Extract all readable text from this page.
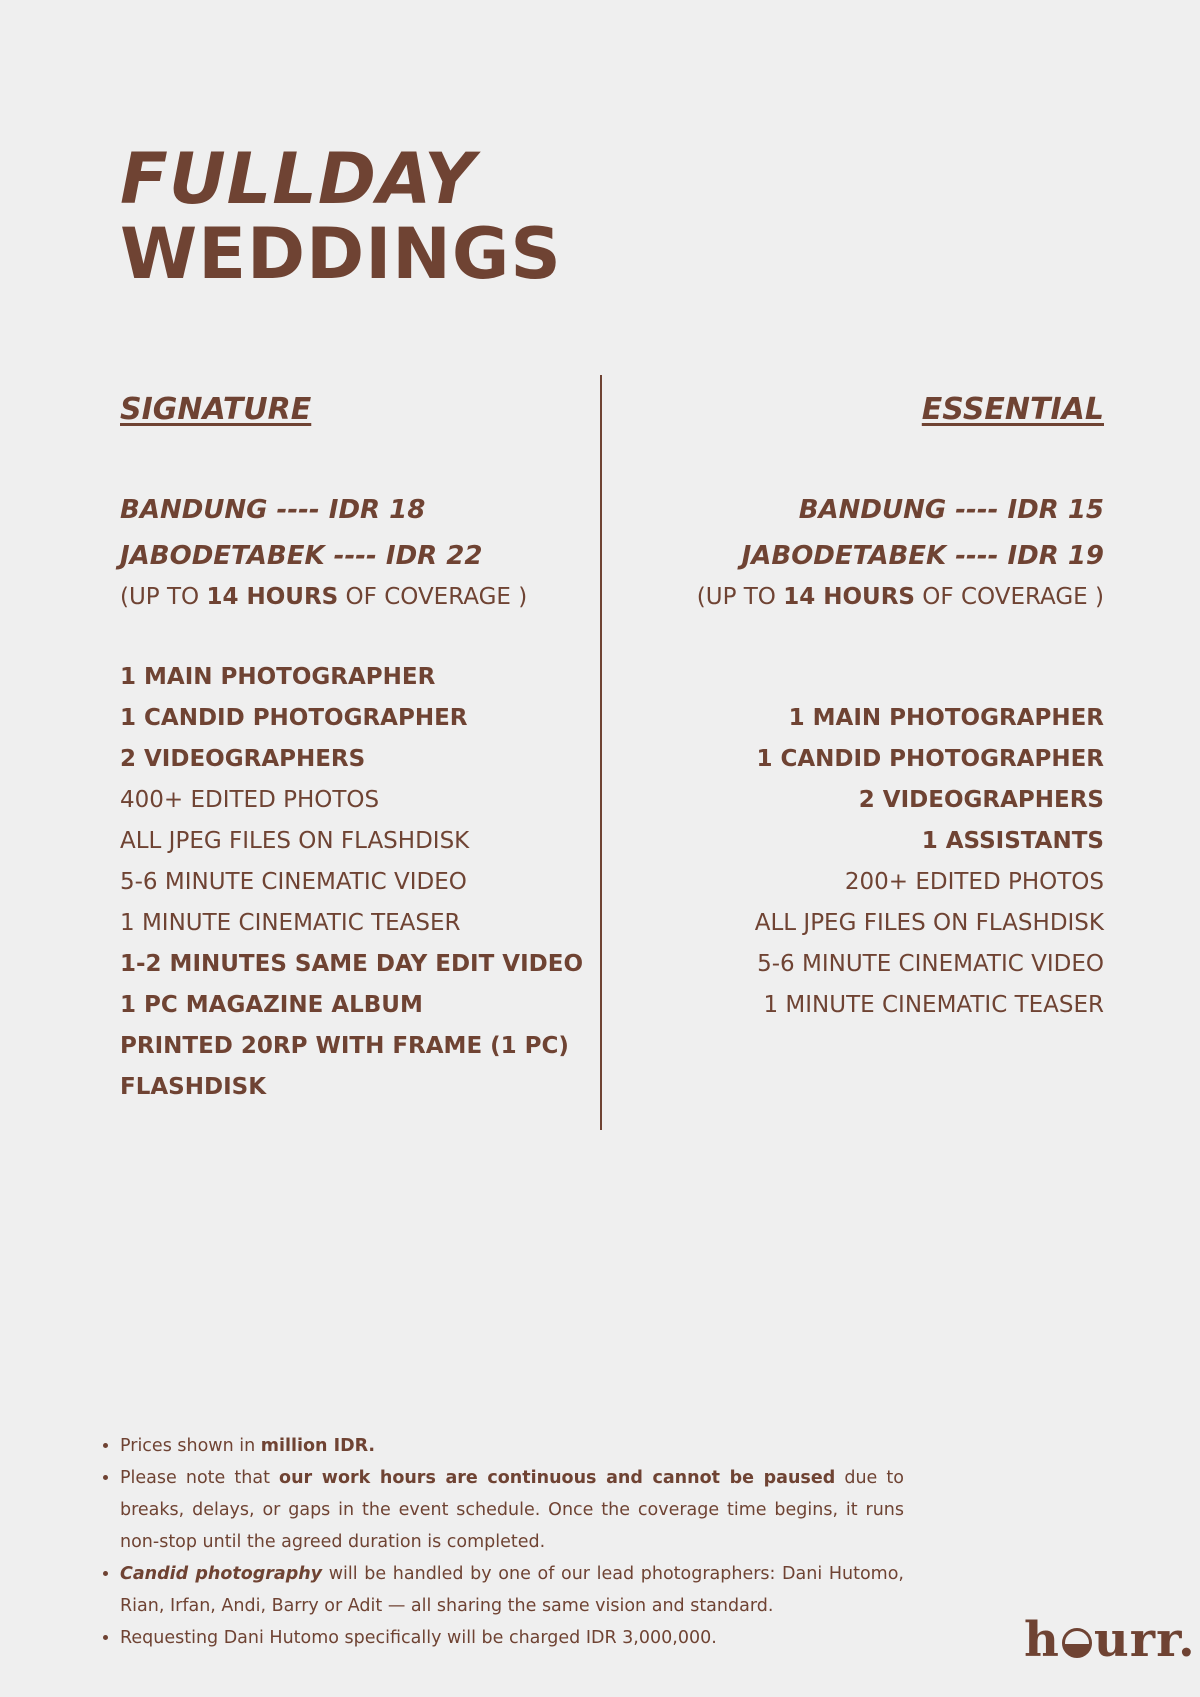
FULLDAY
WEDDINGS
SIGNATURE

BANDUNG ---- IDR 18

JABODETABEK ---- IDR 22

(UP TO 14 HOURS OF COVERAGE )

1 MAIN PHOTOGRAPHER
1 CANDID PHOTOGRAPHER
2 VIDEOGRAPHERS
400+ EDITED PHOTOS
ALL JPEG FILES ON FLASHDISK
5-6 MINUTE CINEMATIC VIDEO
1 MINUTE CINEMATIC TEASER
1-2 MINUTES SAME DAY EDIT VIDEO
1 PC MAGAZINE ALBUM
PRINTED 20RP WITH FRAME (1 PC)
FLASHDISK
ESSENTIAL

BANDUNG ---- IDR 15

JABODETABEK ---- IDR 19

(UP TO 14 HOURS OF COVERAGE )

1 MAIN PHOTOGRAPHER
1 CANDID PHOTOGRAPHER
2 VIDEOGRAPHERS
1 ASSISTANTS
200+ EDITED PHOTOS
ALL JPEG FILES ON FLASHDISK
5-6 MINUTE CINEMATIC VIDEO
1 MINUTE CINEMATIC TEASER
• Prices shown in million IDR.
• Please note that our work hours are continuous and cannot be paused due to breaks, delays, or gaps in the event schedule. Once the coverage time begins, it runs non-stop until the agreed duration is completed.
• Candid photography will be handled by one of our lead photographers: Dani Hutomo, Rian, Irfan, Andi, Barry or Adit — all sharing the same vision and standard.
• Requesting Dani Hutomo specifically will be charged IDR 3,000,000.	h urr.
